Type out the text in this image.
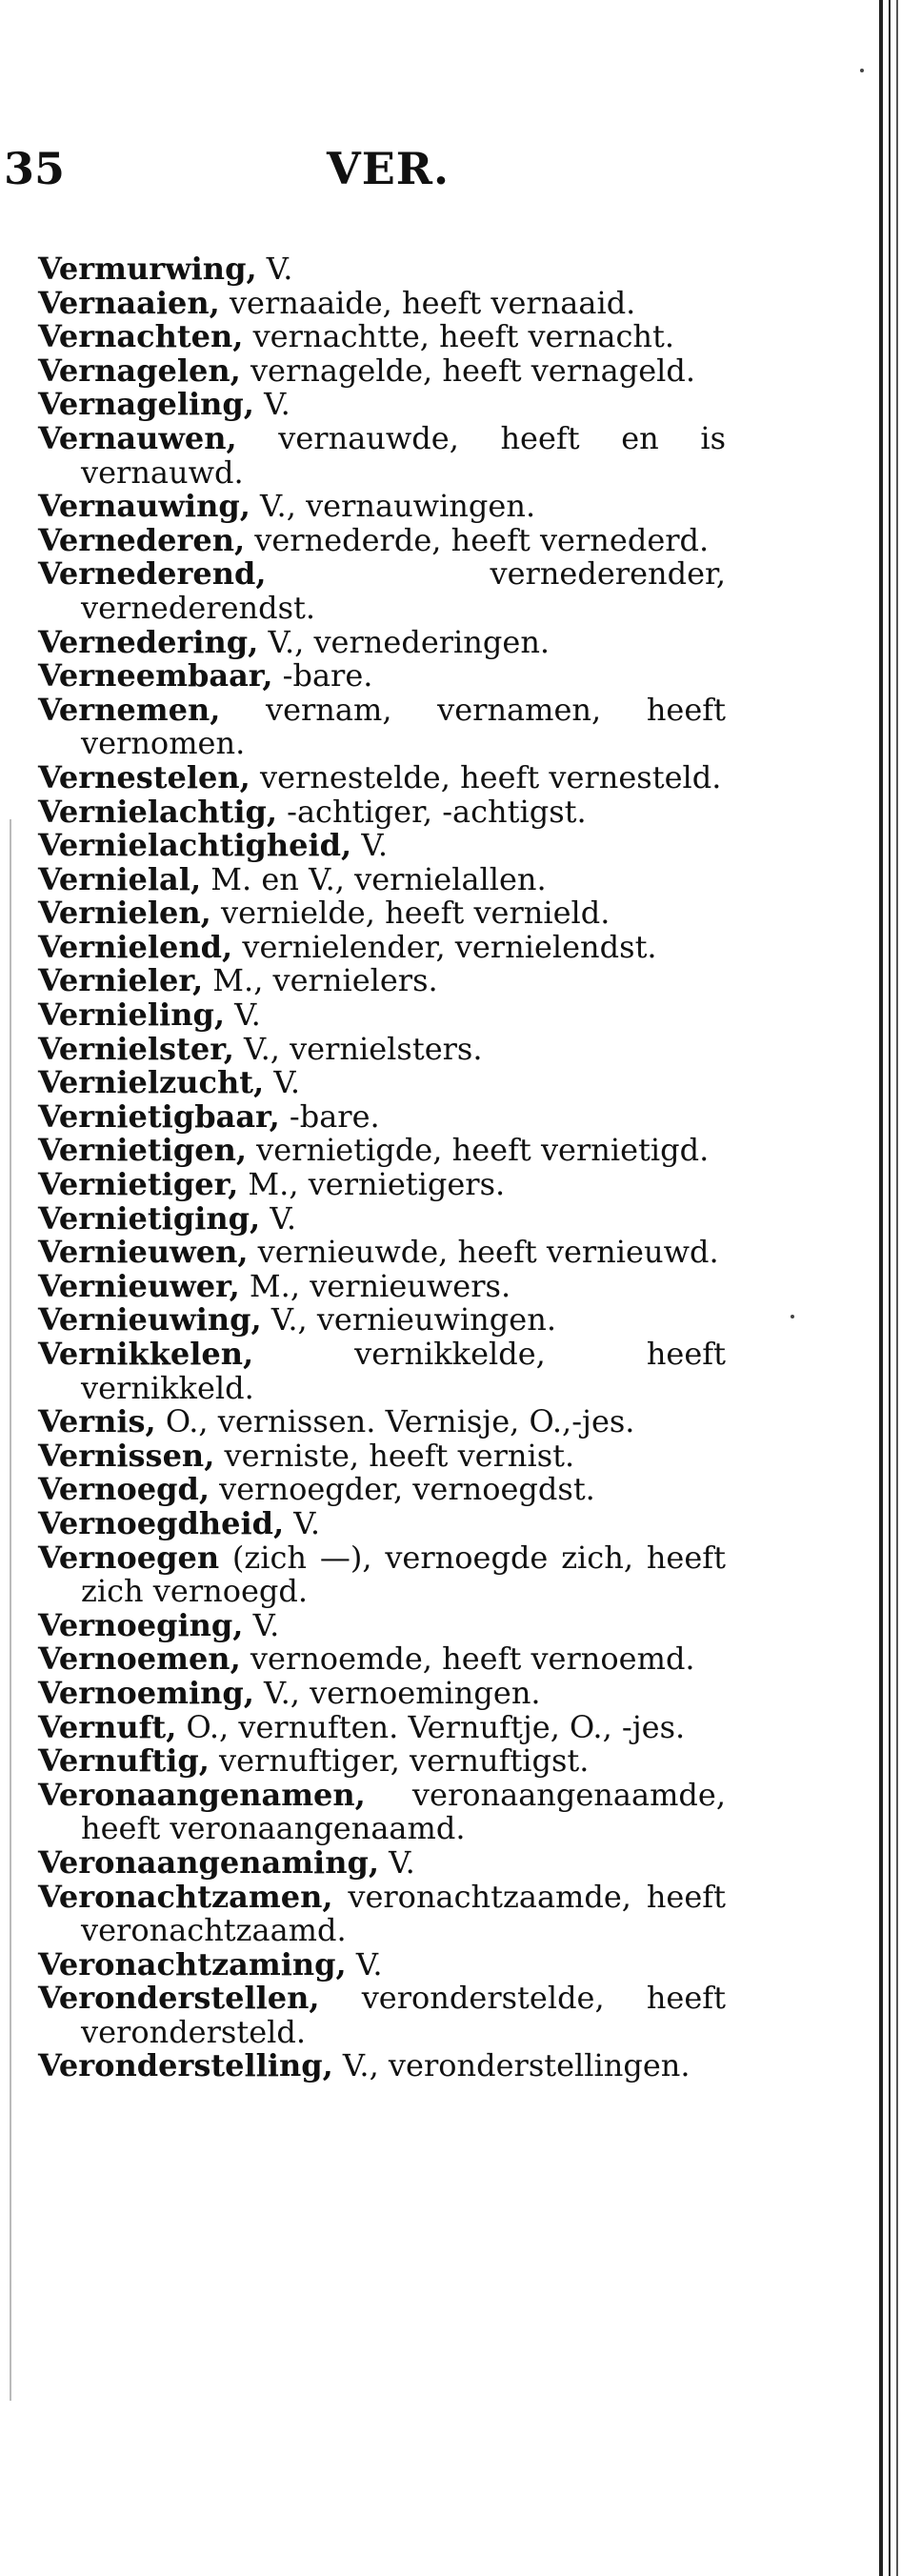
35	VER.
Vermurwing, V.
Vernaaien, vernaaide, heeft vernaaid.
Vernachten, vernachtte, heeft vernacht.
Vernagelen, vernagelde, heeft vernageld.
Vernageling, V.
Vernauwen, vernauwde, heeft en is vernauwd.
Vernauwing, V., vernauwingen.
Vernederen, vernederde, heeft vernederd.
Vernederend, vernederender, vernederendst.
Vernedering, V., vernederingen.
Verneembaar, -bare.
Vernemen, vernam, vernamen, heeft vernomen.
Vernestelen, vernestelde, heeft vernesteld.
Vernielachtig, -achtiger, -achtigst.
Vernielachtigheid, V.
Vernielal, M. en V., vernielallen.
Vernielen, vernielde, heeft vernield.
Vernielend, vernielender, vernielendst.
Vernieler, M., vernielers.
Vernieling, V.
Vernielster, V., vernielsters.
Vernielzucht, V.
Vernietigbaar, -bare.
Vernietigen, vernietigde, heeft vernietigd.
Vernietiger, M., vernietigers.
Vernietiging, V.
Vernieuwen, vernieuwde, heeft vernieuwd.
Vernieuwer, M., vernieuwers.
Vernieuwing, V., vernieuwingen.
Vernikkelen, vernikkelde, heeft vernikkeld.
Vernis, O., vernissen. Vernisje, O.,-jes.
Vernissen, verniste, heeft vernist.
Vernoegd, vernoegder, vernoegdst.
Vernoegdheid, V.
Vernoegen (zich —), vernoegde zich, heeft zich vernoegd.
Vernoeging, V.
Vernoemen, vernoemde, heeft vernoemd.
Vernoeming, V., vernoemingen.
Vernuft, O., vernuften. Vernuftje, O., -jes.
Vernuftig, vernuftiger, vernuftigst.
Veronaangenamen, veronaangenaamde, heeft veronaangenaamd.
Veronaangenaming, V.
Veronachtzamen, veronachtzaamde, heeft veronachtzaamd.
Veronachtzaming, V.
Veronderstellen, veronderstelde, heeft verondersteld.
Veronderstelling, V., veronderstellingen.
